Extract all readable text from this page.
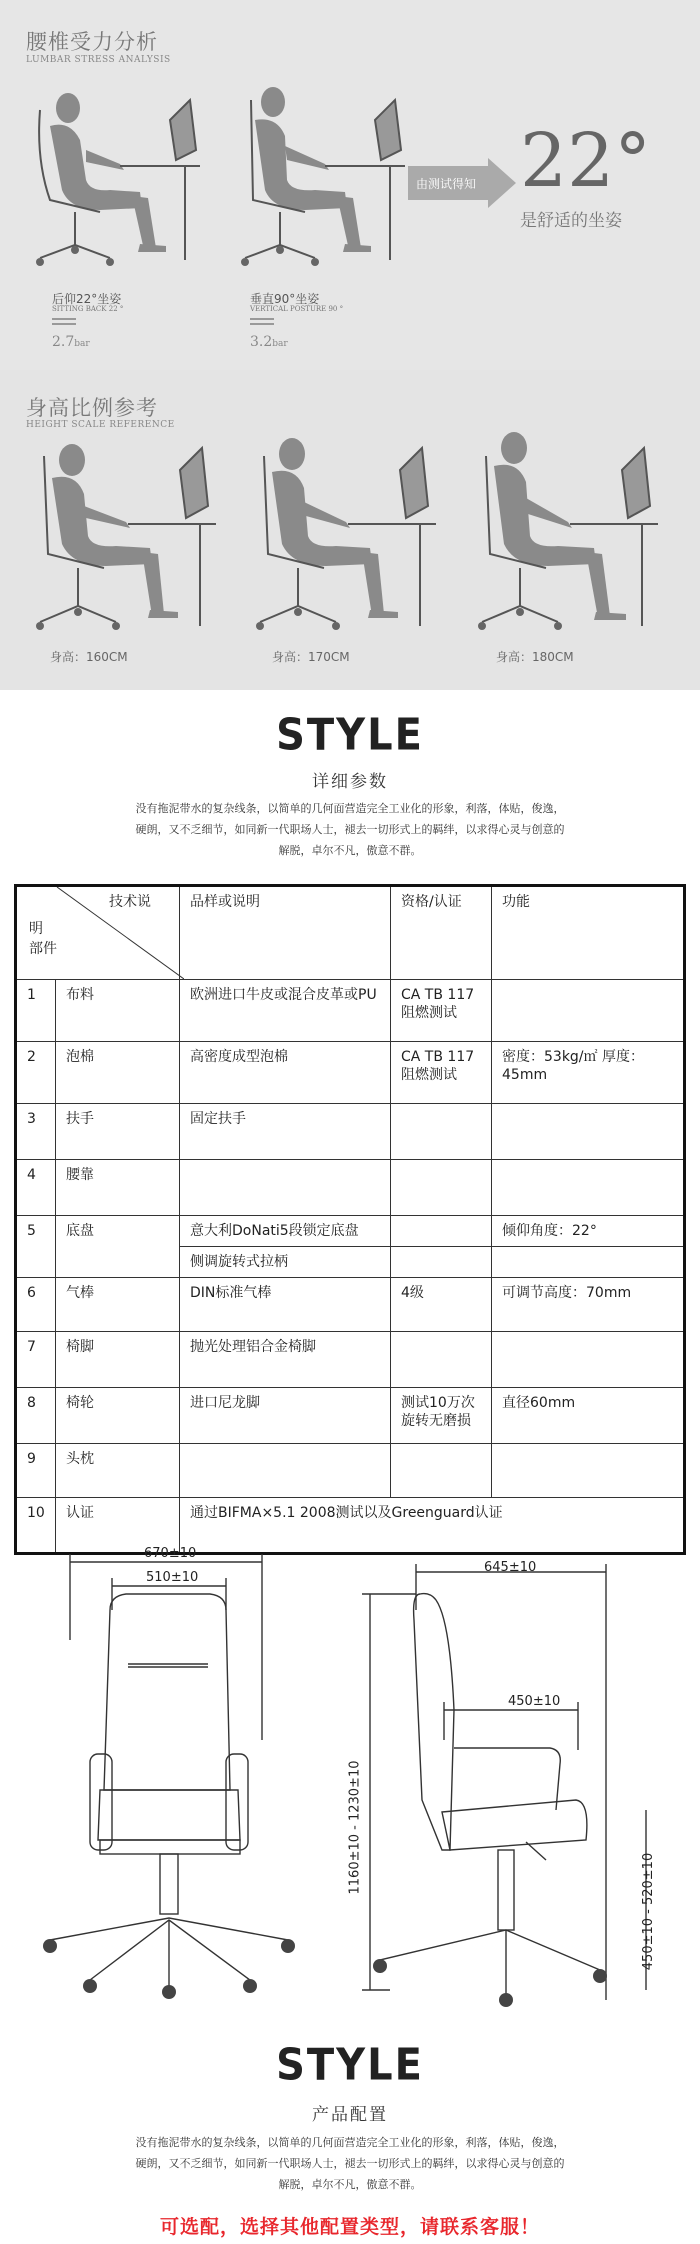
腰椎受力分析
LUMBAR STRESS ANALYSIS
后仰22°坐姿
SITTING BACK 22 °
2.7bar
垂直90°坐姿
VERTICAL POSTURE 90 °
3.2bar
由测试得知 22°
是舒适的坐姿
身高比例参考
HEIGHT SCALE REFERENCE
身高：160CM	身高：170CM	身高：180CM
STYLE
详细参数
没有拖泥带水的复杂线条，以简单的几何面营造完全工业化的形象，利落，体贴，俊逸，
硬朗，又不乏细节，如同新一代职场人士，褪去一切形式上的羁绊，以求得心灵与创意的
解脱，卓尔不凡，傲意不群。
技术说
明
部件		品样或说明	资格/认证	功能
1	布料	欧洲进口牛皮或混合皮革或PU	CA TB 117 阻燃测试	
2	泡棉	高密度成型泡棉	CA TB 117 阻燃测试	密度：53kg/㎡ 厚度：45mm
3	扶手	固定扶手		
4	腰靠			
5	底盘	意大利DoNati5段锁定底盘		倾仰角度：22°
		侧调旋转式拉柄		
6	气棒	DIN标准气棒	4级	可调节高度：70mm
7	椅脚	抛光处理铝合金椅脚		
8	椅轮	进口尼龙脚	测试10万次旋转无磨损	直径60mm
9	头枕			
10	认证	通过BIFMA×5.1 2008测试以及Greenguard认证		
670±10
510±10
645±10
450±10
1160±10 - 1230±10
450±10 - 520±10
STYLE
产品配置
没有拖泥带水的复杂线条，以简单的几何面营造完全工业化的形象，利落，体贴，俊逸，
硬朗，又不乏细节，如同新一代职场人士，褪去一切形式上的羁绊，以求得心灵与创意的
解脱，卓尔不凡，傲意不群。
可选配，选择其他配置类型，请联系客服！
